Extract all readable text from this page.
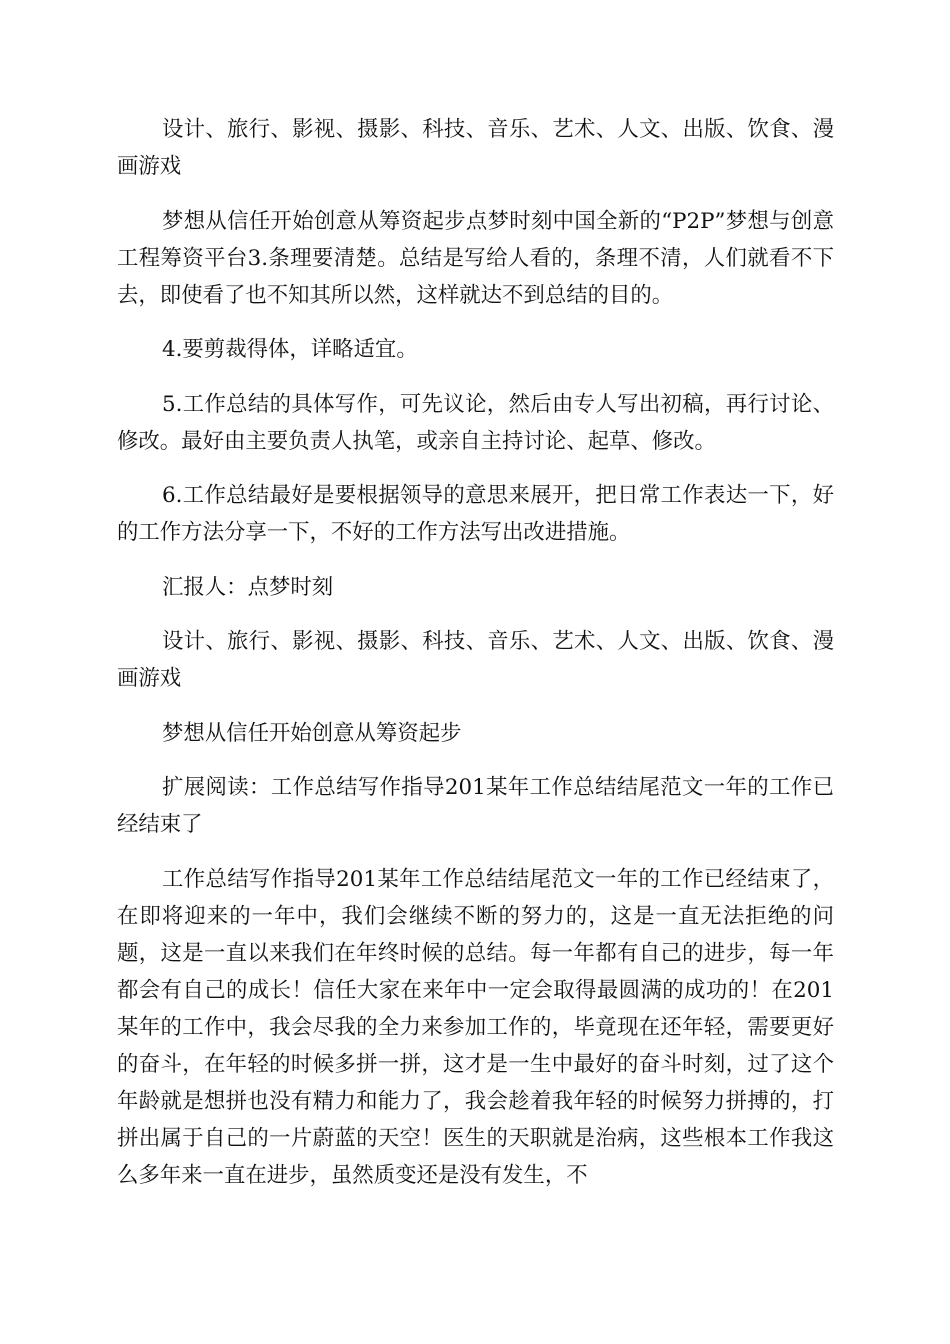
设计、旅行、影视、摄影、科技、音乐、艺术、人文、出版、饮食、漫画游戏

梦想从信任开始创意从筹资起步点梦时刻中国全新的“P2P”梦想与创意工程筹资平台3.条理要清楚。总结是写给人看的，条理不清，人们就看不下去，即使看了也不知其所以然，这样就达不到总结的目的。

4.要剪裁得体，详略适宜。

5.工作总结的具体写作，可先议论，然后由专人写出初稿，再行讨论、修改。最好由主要负责人执笔，或亲自主持讨论、起草、修改。

6.工作总结最好是要根据领导的意思来展开，把日常工作表达一下，好的工作方法分享一下，不好的工作方法写出改进措施。

汇报人：点梦时刻

设计、旅行、影视、摄影、科技、音乐、艺术、人文、出版、饮食、漫画游戏

梦想从信任开始创意从筹资起步

扩展阅读：工作总结写作指导201某年工作总结结尾范文一年的工作已经结束了

工作总结写作指导201某年工作总结结尾范文一年的工作已经结束了，在即将迎来的一年中，我们会继续不断的努力的，这是一直无法拒绝的问题，这是一直以来我们在年终时候的总结。每一年都有自己的进步，每一年都会有自己的成长！信任大家在来年中一定会取得最圆满的成功的！在201某年的工作中，我会尽我的全力来参加工作的，毕竟现在还年轻，需要更好的奋斗，在年轻的时候多拼一拼，这才是一生中最好的奋斗时刻，过了这个年龄就是想拼也没有精力和能力了，我会趁着我年轻的时候努力拼搏的，打拼出属于自己的一片蔚蓝的天空！医生的天职就是治病，这些根本工作我这么多年来一直在进步，虽然质变还是没有发生，不
